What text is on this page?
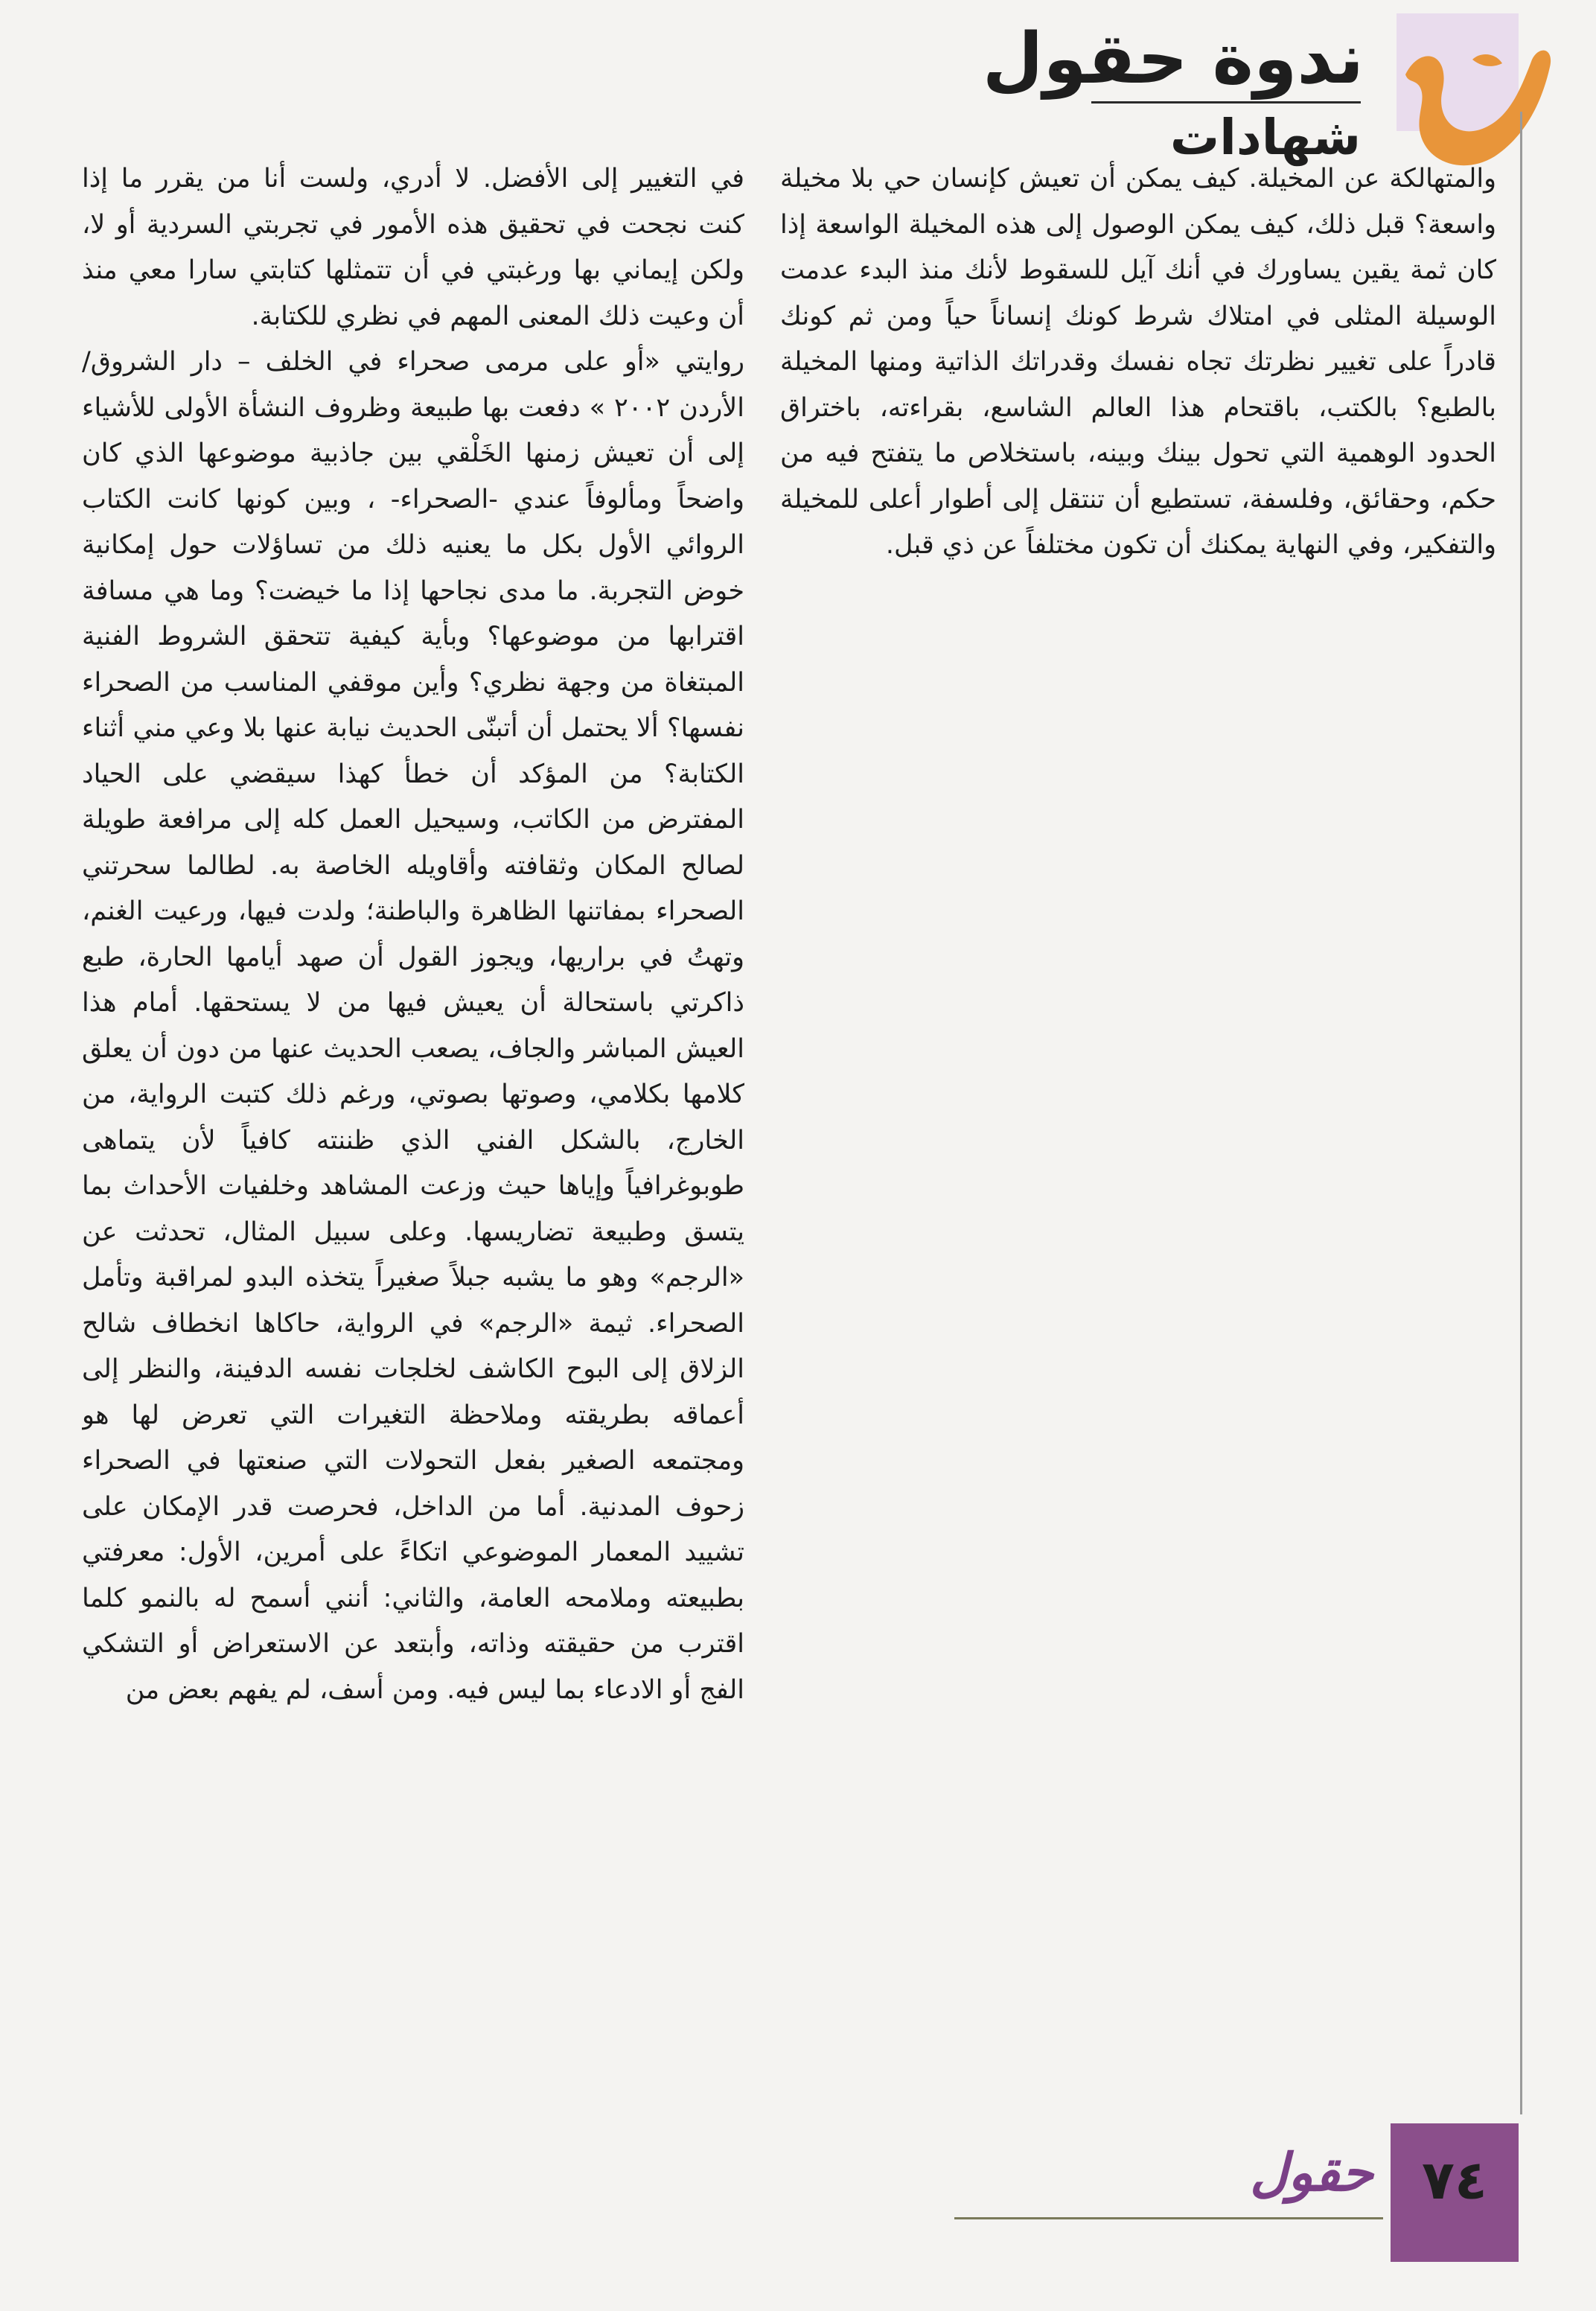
ندوة حقول
شهادات

والمتهالكة عن المخيلة. كيف يمكن أن تعيش كإنسان حي بلا مخيلة واسعة؟ قبل ذلك، كيف يمكن الوصول إلى هذه المخيلة الواسعة إذا كان ثمة يقين يساورك في أنك آيل للسقوط لأنك منذ البدء عدمت الوسيلة المثلى في امتلاك شرط كونك إنساناً حياً ومن ثم كونك قادراً على تغيير نظرتك تجاه نفسك وقدراتك الذاتية ومنها المخيلة بالطبع؟ بالكتب، باقتحام هذا العالم الشاسع، بقراءته، باختراق الحدود الوهمية التي تحول بينك وبينه، باستخلاص ما يتفتح فيه من حكم، وحقائق، وفلسفة، تستطيع أن تنتقل إلى أطوار أعلى للمخيلة والتفكير، وفي النهاية يمكنك أن تكون مختلفاً عن ذي قبل.

في التغيير إلى الأفضل. لا أدري، ولست أنا من يقرر ما إذا كنت نجحت في تحقيق هذه الأمور في تجربتي السردية أو لا، ولكن إيماني بها ورغبتي في أن تتمثلها كتابتي سارا معي منذ أن وعيت ذلك المعنى المهم في نظري للكتابة.

روايتي «أو على مرمى صحراء في الخلف – دار الشروق/الأردن ٢٠٠٢ » دفعت بها طبيعة وظروف النشأة الأولى للأشياء إلى أن تعيش زمنها الخَلْقي بين جاذبية موضوعها الذي كان واضحاً ومألوفاً عندي -الصحراء- ، وبين كونها كانت الكتاب الروائي الأول بكل ما يعنيه ذلك من تساؤلات حول إمكانية خوض التجربة. ما مدى نجاحها إذا ما خيضت؟ وما هي مسافة اقترابها من موضوعها؟ وبأية كيفية تتحقق الشروط الفنية المبتغاة من وجهة نظري؟ وأين موقفي المناسب من الصحراء نفسها؟ ألا يحتمل أن أتبنّى الحديث نيابة عنها بلا وعي مني أثناء الكتابة؟ من المؤكد أن خطأ كهذا سيقضي على الحياد المفترض من الكاتب، وسيحيل العمل كله إلى مرافعة طويلة لصالح المكان وثقافته وأقاويله الخاصة به. لطالما سحرتني الصحراء بمفاتنها الظاهرة والباطنة؛ ولدت فيها، ورعيت الغنم، وتهتُ في براريها، ويجوز القول أن صهد أيامها الحارة، طبع ذاكرتي باستحالة أن يعيش فيها من لا يستحقها. أمام هذا العيش المباشر والجاف، يصعب الحديث عنها من دون أن يعلق كلامها بكلامي، وصوتها بصوتي، ورغم ذلك كتبت الرواية، من الخارج، بالشكل الفني الذي ظننته كافياً لأن يتماهى طوبوغرافياً وإياها حيث وزعت المشاهد وخلفيات الأحداث بما يتسق وطبيعة تضاريسها. وعلى سبيل المثال، تحدثت عن «الرجم» وهو ما يشبه جبلاً صغيراً يتخذه البدو لمراقبة وتأمل الصحراء. ثيمة «الرجم» في الرواية، حاكاها انخطاف شالح الزلاق إلى البوح الكاشف لخلجات نفسه الدفينة، والنظر إلى أعماقه بطريقته وملاحظة التغيرات التي تعرض لها هو ومجتمعه الصغير بفعل التحولات التي صنعتها في الصحراء زحوف المدنية. أما من الداخل، فحرصت قدر الإمكان على تشييد المعمار الموضوعي اتكاءً على أمرين، الأول: معرفتي بطبيعته وملامحه العامة، والثاني: أنني أسمح له بالنمو كلما اقترب من حقيقته وذاته، وأبتعد عن الاستعراض أو التشكي الفج أو الادعاء بما ليس فيه. ومن أسف، لم يفهم بعض من

٧٤
حقول
